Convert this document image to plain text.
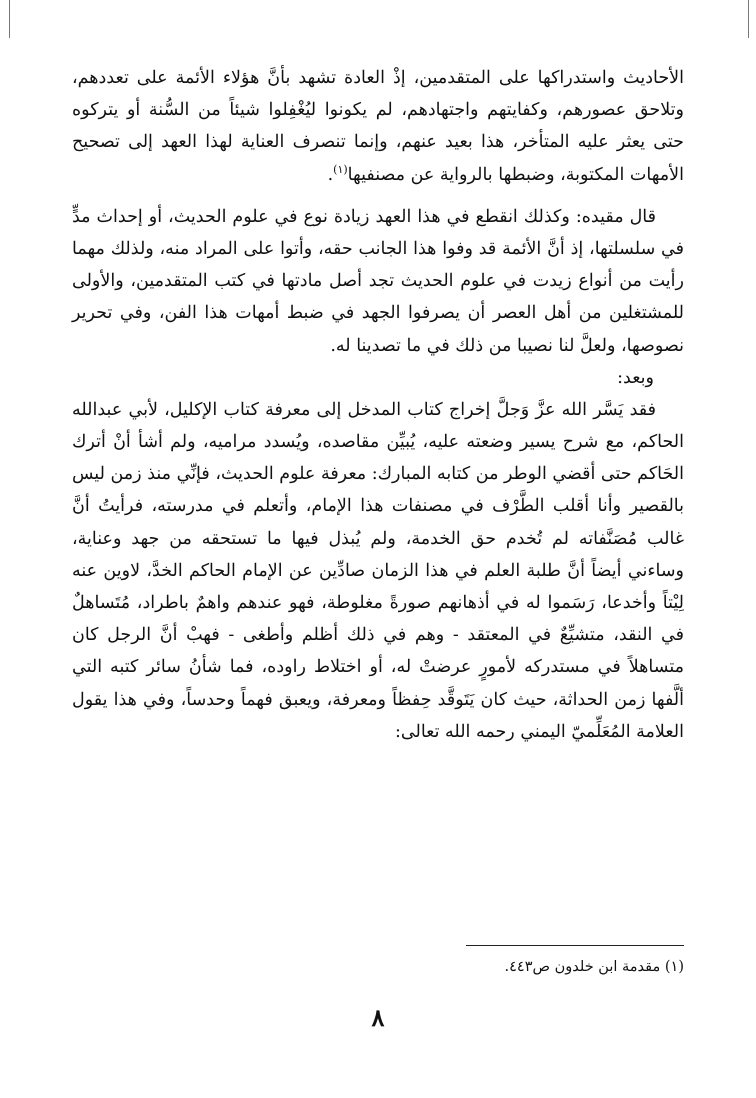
الأحاديث واستدراكها على المتقدمين، إذْ العادة تشهد بأنَّ هؤلاء الأئمة على تعددهم، وتلاحق عصورهم، وكفايتهم واجتهادهم، لم يكونوا ليُغْفِلوا شيئاً من السُّنة أو يتركوه حتى يعثر عليه المتأخر، هذا بعيد عنهم، وإنما تنصرف العناية لهذا العهد إلى تصحيح الأمهات المكتوبة، وضبطها بالرواية عن مصنفيها$^{(١)}$.

قال مقيده: وكذلك انقطع في هذا العهد زيادة نوع في علوم الحديث، أو إحداث مدٍّ في سلسلتها، إذ أنَّ الأئمة قد وفوا هذا الجانب حقه، وأتوا على المراد منه، ولذلك مهما رأيت من أنواع زيدت في علوم الحديث تجد أصل مادتها في كتب المتقدمين، والأولى للمشتغلين من أهل العصر أن يصرفوا الجهد في ضبط أمهات هذا الفن، وفي تحرير نصوصها، ولعلَّ لنا نصيبا من ذلك في ما تصدينا له.

وبعد:

فقد يَسَّر الله عزَّ وَجلَّ إخراج كتاب المدخل إلى معرفة كتاب الإكليل، لأبي عبدالله الحاكم، مع شرح يسير وضعته عليه، يُبيِّن مقاصده، ويُسدد مراميه، ولم أشأ أنْ أترك الحَاكم حتى أقضي الوطر من كتابه المبارك: معرفة علوم الحديث، فإنِّي منذ زمن ليس بالقصير وأنا أقلب الطَّرْف في مصنفات هذا الإمام، وأتعلم في مدرسته، فرأيتُ أنَّ غالب مُصَنَّفاته لم تُخدم حق الخدمة، ولم يُبذل فيها ما تستحقه من جهد وعناية، وساءني أيضاً أنَّ طلبة العلم في هذا الزمان صادِّين عن الإمام الحاكم الخدَّ، لاوين عنه لِيْتاً وأخدعا، رَسَموا له في أذهانهم صورةً مغلوطة، فهو عندهم واهمٌ باطراد، مُتَساهلٌ في النقد، متشيِّعٌ في المعتقد - وهم في ذلك أظلم وأطغى - فهبْ أنَّ الرجل كان متساهلاً في مستدركه لأمورٍ عرضتْ له، أو اختلاط راوده، فما شأنُ سائر كتبه التي ألَّفها زمن الحداثة، حيث كان يَتَوقَّد حِفظاً ومعرفة، ويعبق فهماً وحدساً، وفي هذا يقول العلامة المُعَلِّميّ اليمني رحمه الله تعالى:

(١) مقدمة ابن خلدون ص٤٤٣.
٨
